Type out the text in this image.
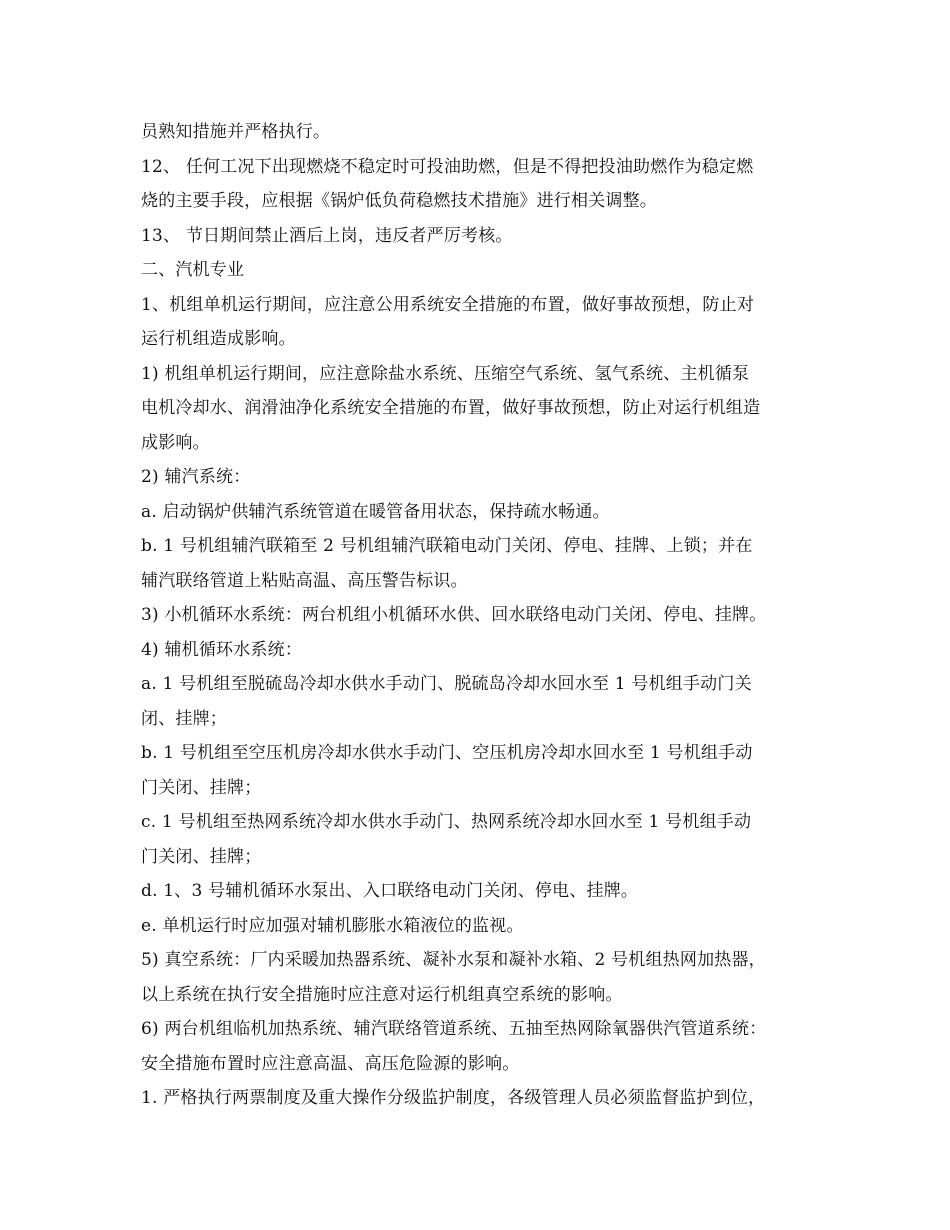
员熟知措施并严格执行。
12、 任何工况下出现燃烧不稳定时可投油助燃，但是不得把投油助燃作为稳定燃
烧的主要手段，应根据《锅炉低负荷稳燃技术措施》进行相关调整。
13、 节日期间禁止酒后上岗，违反者严厉考核。
二、汽机专业
1、机组单机运行期间，应注意公用系统安全措施的布置，做好事故预想，防止对
运行机组造成影响。
1) 机组单机运行期间，应注意除盐水系统、压缩空气系统、氢气系统、主机循泵
电机冷却水、润滑油净化系统安全措施的布置，做好事故预想，防止对运行机组造
成影响。
2) 辅汽系统：
a. 启动锅炉供辅汽系统管道在暖管备用状态，保持疏水畅通。
b. 1 号机组辅汽联箱至 2 号机组辅汽联箱电动门关闭、停电、挂牌、上锁；并在
辅汽联络管道上粘贴高温、高压警告标识。
3) 小机循环水系统：两台机组小机循环水供、回水联络电动门关闭、停电、挂牌。
4) 辅机循环水系统：
a. 1 号机组至脱硫岛冷却水供水手动门、脱硫岛冷却水回水至 1 号机组手动门关
闭、挂牌；
b. 1 号机组至空压机房冷却水供水手动门、空压机房冷却水回水至 1 号机组手动
门关闭、挂牌；
c. 1 号机组至热网系统冷却水供水手动门、热网系统冷却水回水至 1 号机组手动
门关闭、挂牌；
d. 1、3 号辅机循环水泵出、入口联络电动门关闭、停电、挂牌。
e. 单机运行时应加强对辅机膨胀水箱液位的监视。
5) 真空系统：厂内采暖加热器系统、凝补水泵和凝补水箱、2 号机组热网加热器，
以上系统在执行安全措施时应注意对运行机组真空系统的影响。
6) 两台机组临机加热系统、辅汽联络管道系统、五抽至热网除氧器供汽管道系统：
安全措施布置时应注意高温、高压危险源的影响。
1. 严格执行两票制度及重大操作分级监护制度，各级管理人员必须监督监护到位，
